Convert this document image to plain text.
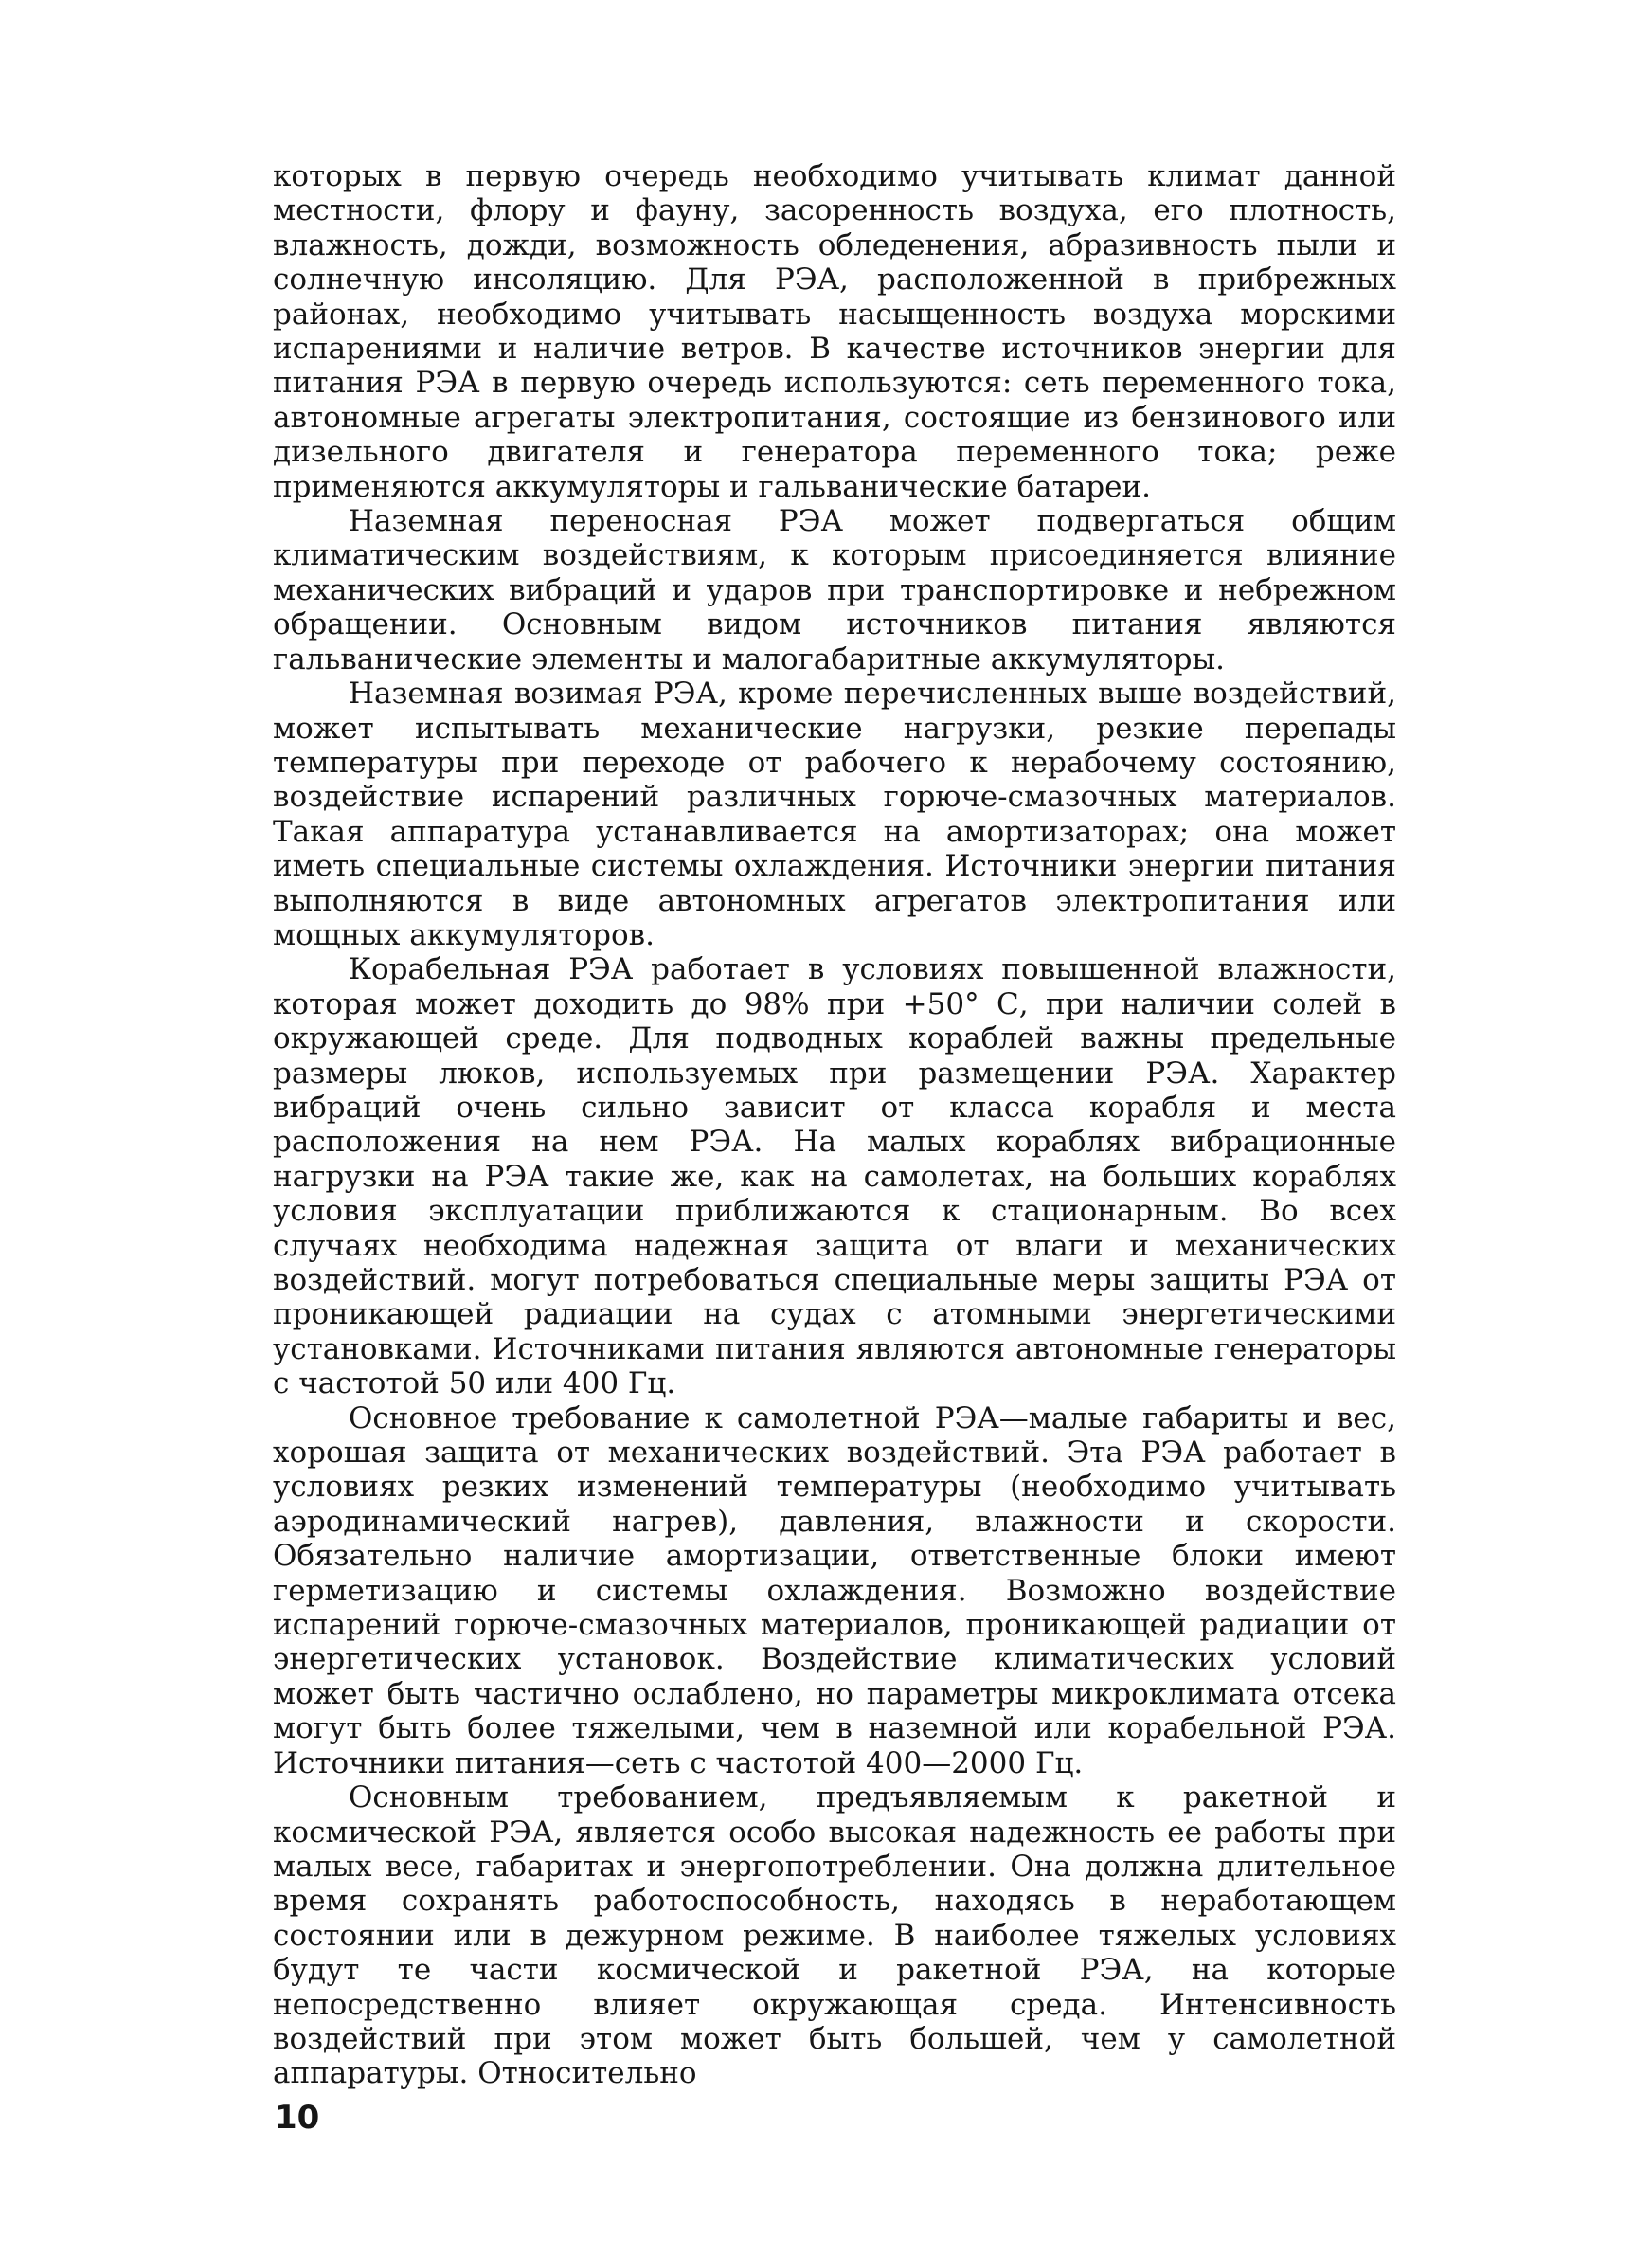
которых в первую очередь необходимо учитывать климат данной местности, флору и фауну, засоренность воздуха, его плотность, влажность, дожди, возможность обледенения, абразивность пыли и солнечную инсоляцию. Для РЭА, расположенной в прибрежных районах, необходимо учитывать насыщенность воздуха морскими испарениями и наличие ветров. В качестве источников энергии для питания РЭА в первую очередь используются: сеть переменного тока, автономные агрегаты электропитания, состоящие из бензинового или дизельного двигателя и генератора переменного тока; реже применяются аккумуляторы и гальванические батареи.

Наземная переносная РЭА может подвергаться общим климатическим воздействиям, к которым присоединяется влияние механических вибраций и ударов при транспортировке и небрежном обращении. Основным видом источников питания являются гальванические элементы и малогабаритные аккумуляторы.

Наземная возимая РЭА, кроме перечисленных выше воздействий, может испытывать механические нагрузки, резкие перепады температуры при переходе от рабочего к нерабочему состоянию, воздействие испарений различных горюче-смазочных материалов. Такая аппаратура устанавливается на амортизаторах; она может иметь специальные системы охлаждения. Источники энергии питания выполняются в виде автономных агрегатов электропитания или мощных аккумуляторов.

Корабельная РЭА работает в условиях повышенной влажности, которая может доходить до 98% при +50° С, при наличии солей в окружающей среде. Для подводных кораблей важны предельные размеры люков, используемых при размещении РЭА. Характер вибраций очень сильно зависит от класса корабля и места расположения на нем РЭА. На малых кораблях вибрационные нагрузки на РЭА такие же, как на самолетах, на больших кораблях условия эксплуатации приближаются к стационарным. Во всех случаях необходима надежная защита от влаги и механических воздействий. могут потребоваться специальные меры защиты РЭА от проникающей радиации на судах с атомными энергетическими установками. Источниками питания являются автономные генераторы с частотой 50 или 400 Гц.

Основное требование к самолетной РЭА—малые габариты и вес, хорошая защита от механических воздействий. Эта РЭА работает в условиях резких изменений температуры (необходимо учитывать аэродинамический нагрев), давления, влажности и скорости. Обязательно наличие амортизации, ответственные блоки имеют герметизацию и системы охлаждения. Возможно воздействие испарений горюче-смазочных материалов, проникающей радиации от энергетических установок. Воздействие климатических условий может быть частично ослаблено, но параметры микроклимата отсека могут быть более тяжелыми, чем в наземной или корабельной РЭА. Источники питания—сеть с частотой 400—2000 Гц.

Основным требованием, предъявляемым к ракетной и космической РЭА, является особо высокая надежность ее работы при малых весе, габаритах и энергопотреблении. Она должна длительное время сохранять работоспособность, находясь в неработающем состоянии или в дежурном режиме. В наиболее тяжелых условиях будут те части космической и ракетной РЭА, на которые непосредственно влияет окружающая среда. Интенсивность воздействий при этом может быть большей, чем у самолетной аппаратуры. Относительно

10
